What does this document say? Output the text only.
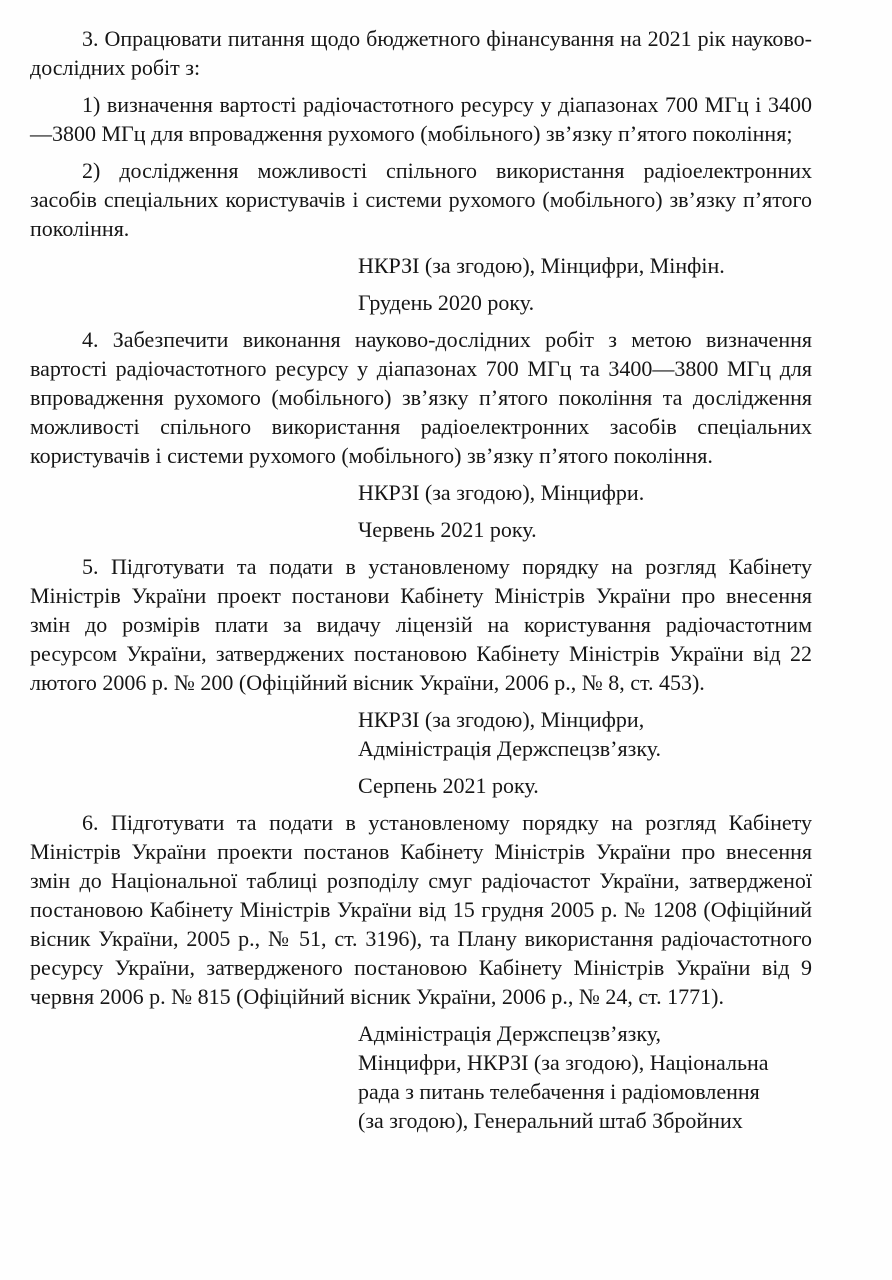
3. Опрацювати питання щодо бюджетного фінансування на 2021 рік науково-дослідних робіт з:

1) визначення вартості радіочастотного ресурсу у діапазонах 700 МГц і 3400—3800 МГц для впровадження рухомого (мобільного) зв’язку п’ятого покоління;

2) дослідження можливості спільного використання радіоелектронних засобів спеціальних користувачів і системи рухомого (мобільного) зв’язку п’ятого покоління.

НКРЗІ (за згодою), Мінцифри, Мінфін.
Грудень 2020 року.

4. Забезпечити виконання науково-дослідних робіт з метою визначення вартості радіочастотного ресурсу у діапазонах 700 МГц та 3400—3800 МГц для впровадження рухомого (мобільного) зв’язку п’ятого покоління та дослідження можливості спільного використання радіоелектронних засобів спеціальних користувачів і системи рухомого (мобільного) зв’язку п’ятого покоління.

НКРЗІ (за згодою), Мінцифри.
Червень 2021 року.

5. Підготувати та подати в установленому порядку на розгляд Кабінету Міністрів України проект постанови Кабінету Міністрів України про внесення змін до розмірів плати за видачу ліцензій на користування радіочастотним ресурсом України, затверджених постановою Кабінету Міністрів України від 22 лютого 2006 р. № 200 (Офіційний вісник України, 2006 р., № 8, ст. 453).

НКРЗІ (за згодою), Мінцифри,
Адміністрація Держспецзв’язку.
Серпень 2021 року.

6. Підготувати та подати в установленому порядку на розгляд Кабінету Міністрів України проекти постанов Кабінету Міністрів України про внесення змін до Національної таблиці розподілу смуг радіочастот України, затвердженої постановою Кабінету Міністрів України від 15 грудня 2005 р. № 1208 (Офіційний вісник України, 2005 р., № 51, ст. 3196), та Плану використання радіочастотного ресурсу України, затвердженого постановою Кабінету Міністрів України від 9 червня 2006 р. № 815 (Офіційний вісник України, 2006 р., № 24, ст. 1771).

Адміністрація Держспецзв’язку,
Мінцифри, НКРЗІ (за згодою), Національна
рада з питань телебачення і радіомовлення
(за згодою), Генеральний штаб Збройних
